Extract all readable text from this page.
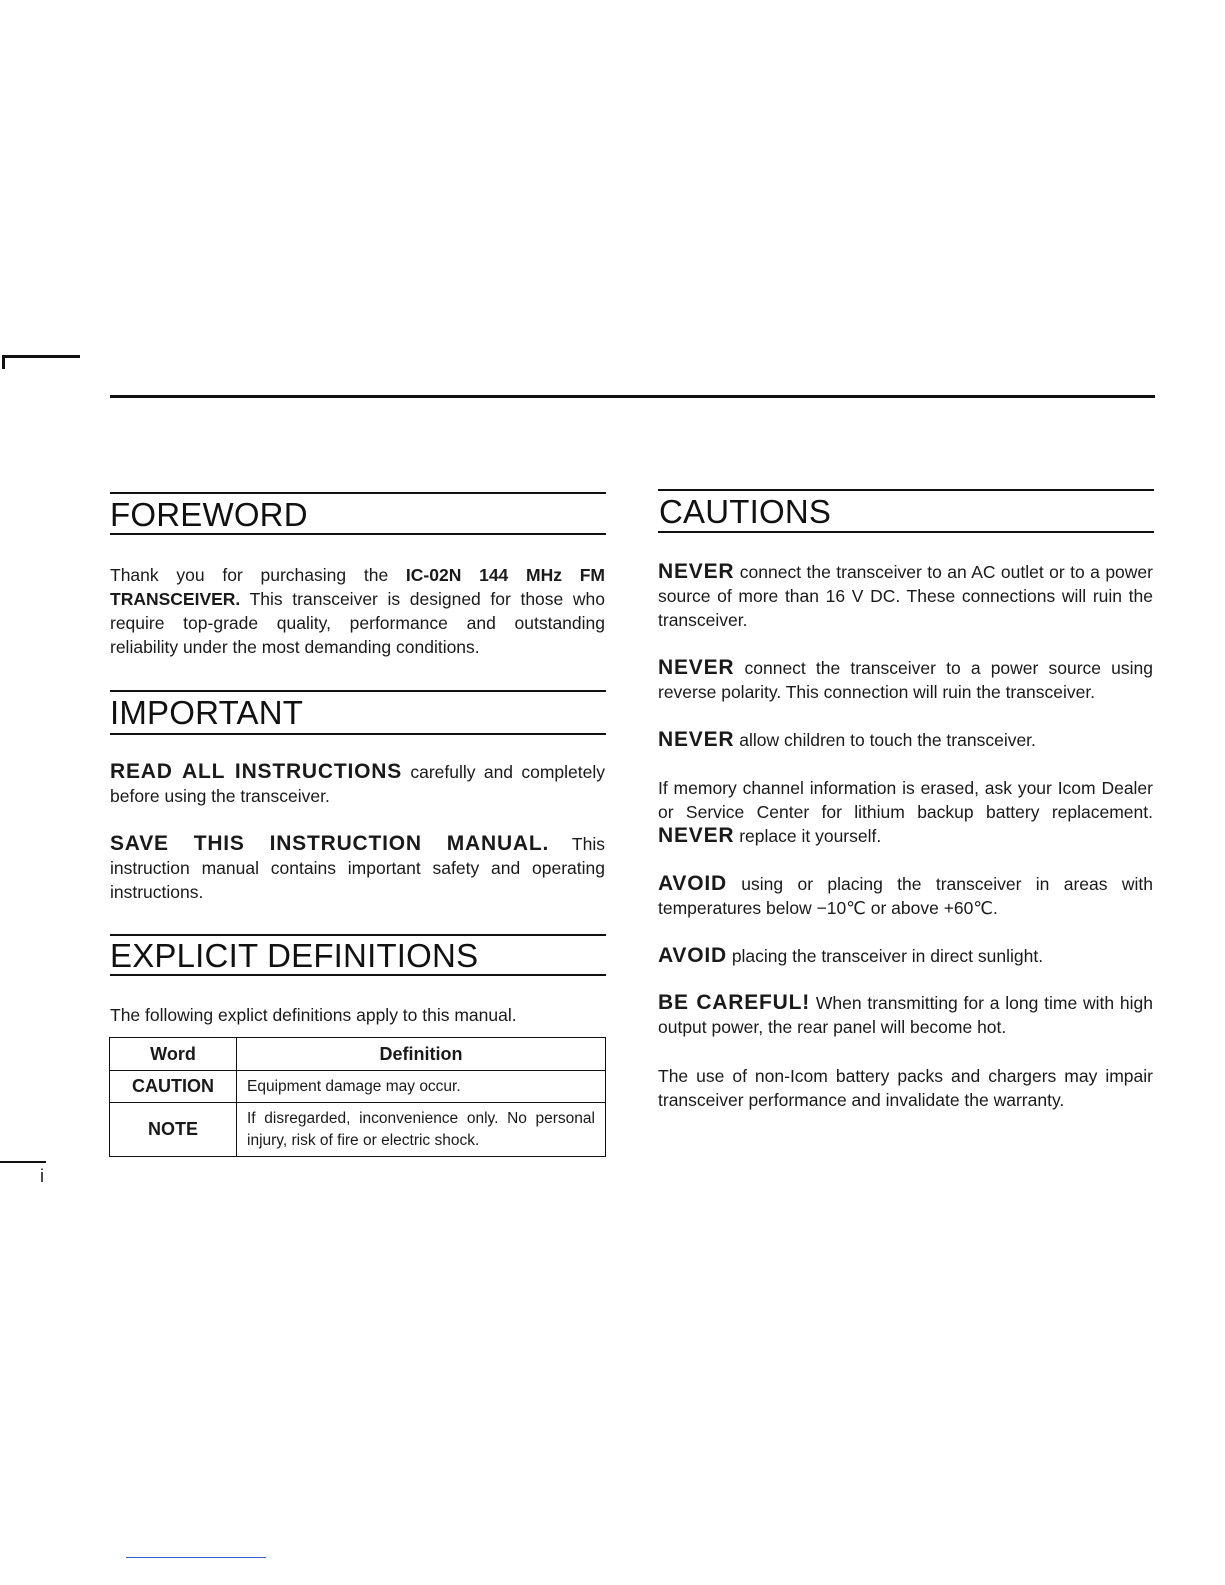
FOREWORD
Thank you for purchasing the IC-02N 144 MHz FM TRANSCEIVER. This transceiver is designed for those who require top-grade quality, performance and outstanding reliability under the most demanding conditions.
IMPORTANT
READ ALL INSTRUCTIONS carefully and completely before using the transceiver.
SAVE THIS INSTRUCTION MANUAL. This instruction manual contains important safety and operating instructions.
EXPLICIT DEFINITIONS
The following explict definitions apply to this manual.
Word	Definition
CAUTION	Equipment damage may occur.
NOTE	If disregarded, inconvenience only. No personal injury, risk of fire or electric shock.
i
CAUTIONS
NEVER connect the transceiver to an AC outlet or to a power source of more than 16 V DC. These connections will ruin the transceiver.
NEVER connect the transceiver to a power source using reverse polarity. This connection will ruin the transceiver.
NEVER allow children to touch the transceiver.
If memory channel information is erased, ask your Icom Dealer or Service Center for lithium backup battery replacement. NEVER replace it yourself.
AVOID using or placing the transceiver in areas with temperatures below −10℃ or above +60℃.
AVOID placing the transceiver in direct sunlight.
BE CAREFUL! When transmitting for a long time with high output power, the rear panel will become hot.
The use of non-Icom battery packs and chargers may impair transceiver performance and invalidate the warranty.
